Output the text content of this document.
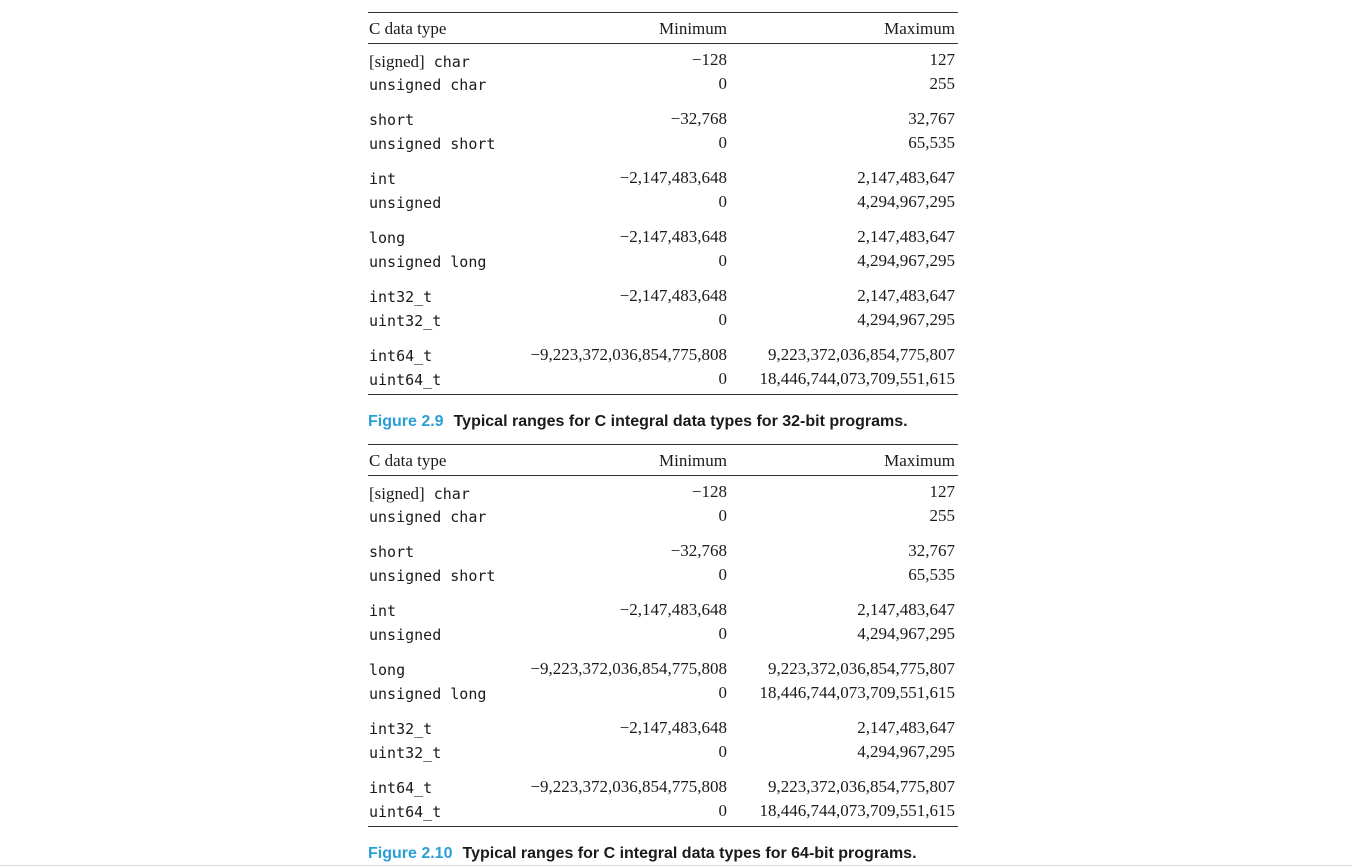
C data type	Minimum	Maximum
[signed] char	−128	127
unsigned char	0	255
short	−32,768	32,767
unsigned short	0	65,535
int	−2,147,483,648	2,147,483,647
unsigned	0	4,294,967,295
long	−2,147,483,648	2,147,483,647
unsigned long	0	4,294,967,295
int32_t	−2,147,483,648	2,147,483,647
uint32_t	0	4,294,967,295
int64_t	−9,223,372,036,854,775,808 9,223,372,036,854,775,807
uint64_t	0 18,446,744,073,709,551,615
Figure 2.9 Typical ranges for C integral data types for 32-bit programs.
C data type	Minimum	Maximum
[signed] char	−128	127
unsigned char	0	255
short	−32,768	32,767
unsigned short	0	65,535
int	−2,147,483,648	2,147,483,647
unsigned	0	4,294,967,295
long	−9,223,372,036,854,775,808 9,223,372,036,854,775,807
unsigned long	0 18,446,744,073,709,551,615
int32_t	−2,147,483,648	2,147,483,647
uint32_t	0	4,294,967,295
int64_t	−9,223,372,036,854,775,808 9,223,372,036,854,775,807
uint64_t	0 18,446,744,073,709,551,615
Figure 2.10 Typical ranges for C integral data types for 64-bit programs.
